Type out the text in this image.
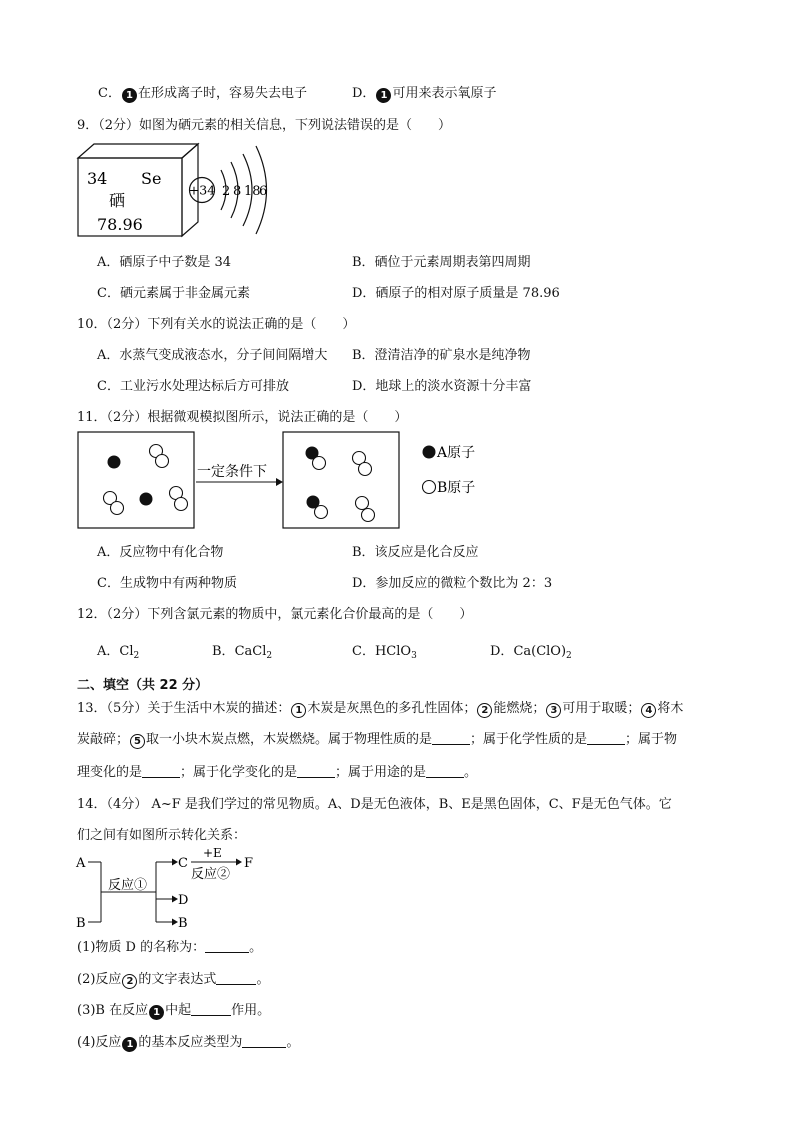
C． 1 在形成离子时，容易失去电子	D． 1 可用来表示氧原子
9．（2分）如图为硒元素的相关信息，下列说法错误的是（　　）
34 Se
硒
78.96
+34 2 8 18
6
A．硒原子中子数是 34	B．硒位于元素周期表第四周期
C．硒元素属于非金属元素	D．硒原子的相对原子质量是 78.96
10．（2分）下列有关水的说法正确的是（　　）
A．水蒸气变成液态水，分子间间隔增大 B．澄清洁净的矿泉水是纯净物
C．工业污水处理达标后方可排放	D．地球上的淡水资源十分丰富
11．（2分）根据微观模拟图所示，说法正确的是（　　）
一定条件下
A原子
B原子
A．反应物中有化合物	B．该反应是化合反应
C．生成物中有两种物质	D．参加反应的微粒个数比为 2：3
12．（2分）下列含氯元素的物质中，氯元素化合价最高的是（　　）
A．$Cl_2$	B．CaCl$_2$	C．HClO$_3$	D．$Ca(ClO)_2$
二、填空（共 22 分）
13．（5分）关于生活中木炭的描述： 1 木炭是灰黑色的多孔性固体； 2 能燃烧； 3 可用于取暖； 4 将木
炭敲碎； 5 取一小块木炭点燃，木炭燃烧。属于物理性质的是	；属于化学性质的是	；属于物
理变化的是	；属于化学变化的是	；属于用途的是	。
14．（4分） A~F 是我们学过的常见物质。A、D是无色液体，B、E是黑色固体，C、F是无色气体。它
们之间有如图所示转化关系：
A
B
反应①
C
D
B
+E
反应②
F
(1)物质 D 的名称为：	。
(2)反应 2 的文字表达式	。
(3)B 在反应 1 中起	作用。
(4)反应 1 的基本反应类型为	。
